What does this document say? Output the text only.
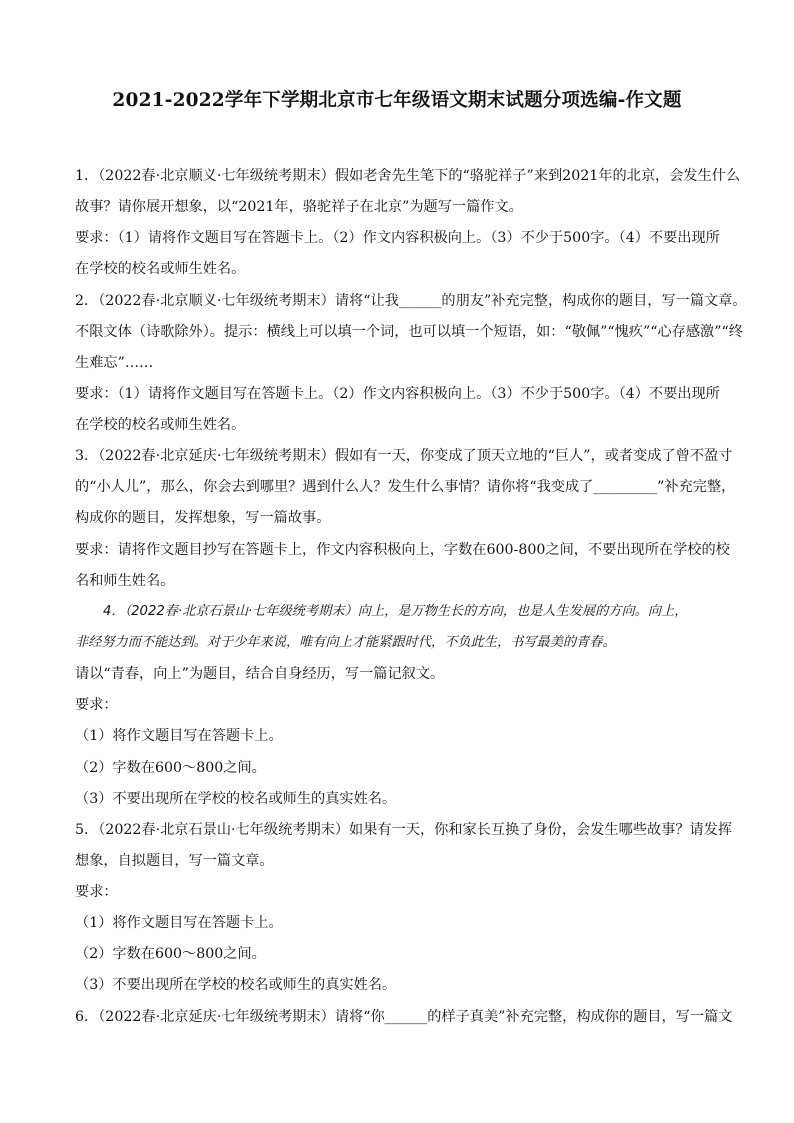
2021-2022学年下学期北京市七年级语文期末试题分项选编-作文题
1．（2022春·北京顺义·七年级统考期末）假如老舍先生笔下的“骆驼祥子”来到2021年的北京，会发生什么
故事？请你展开想象，以“2021年，骆驼祥子在北京”为题写一篇作文。
要求：（1）请将作文题目写在答题卡上。（2）作文内容积极向上。（3）不少于500字。（4）不要出现所
在学校的校名或师生姓名。
2．（2022春·北京顺义·七年级统考期末）请将“让我______的朋友”补充完整，构成你的题目，写一篇文章。
不限文体（诗歌除外）。提示：横线上可以填一个词，也可以填一个短语，如：“敬佩”“愧疚”“心存感激”“终
生难忘”……
要求：（1）请将作文题目写在答题卡上。（2）作文内容积极向上。（3）不少于500字。（4）不要出现所
在学校的校名或师生姓名。
3．（2022春·北京延庆·七年级统考期末）假如有一天，你变成了顶天立地的“巨人”，或者变成了曾不盈寸
的“小人儿”，那么，你会去到哪里？遇到什么人？发生什么事情？请你将“我变成了_________”补充完整，
构成你的题目，发挥想象，写一篇故事。
要求：请将作文题目抄写在答题卡上，作文内容积极向上，字数在600-800之间，不要出现所在学校的校
名和师生姓名。
4．（2022春·北京石景山·七年级统考期末）向上，是万物生长的方向，也是人生发展的方向。向上，
非经努力而不能达到。对于少年来说，唯有向上才能紧跟时代，不负此生，书写最美的青春。
请以“青春，向上”为题目，结合自身经历，写一篇记叙文。
要求：
（1）将作文题目写在答题卡上。
（2）字数在600～800之间。
（3）不要出现所在学校的校名或师生的真实姓名。
5．（2022春·北京石景山·七年级统考期末）如果有一天，你和家长互换了身份，会发生哪些故事？请发挥
想象，自拟题目，写一篇文章。
要求：
（1）将作文题目写在答题卡上。
（2）字数在600～800之间。
（3）不要出现所在学校的校名或师生的真实姓名。
6．（2022春·北京延庆·七年级统考期末）请将“你______的样子真美”补充完整，构成你的题目，写一篇文
